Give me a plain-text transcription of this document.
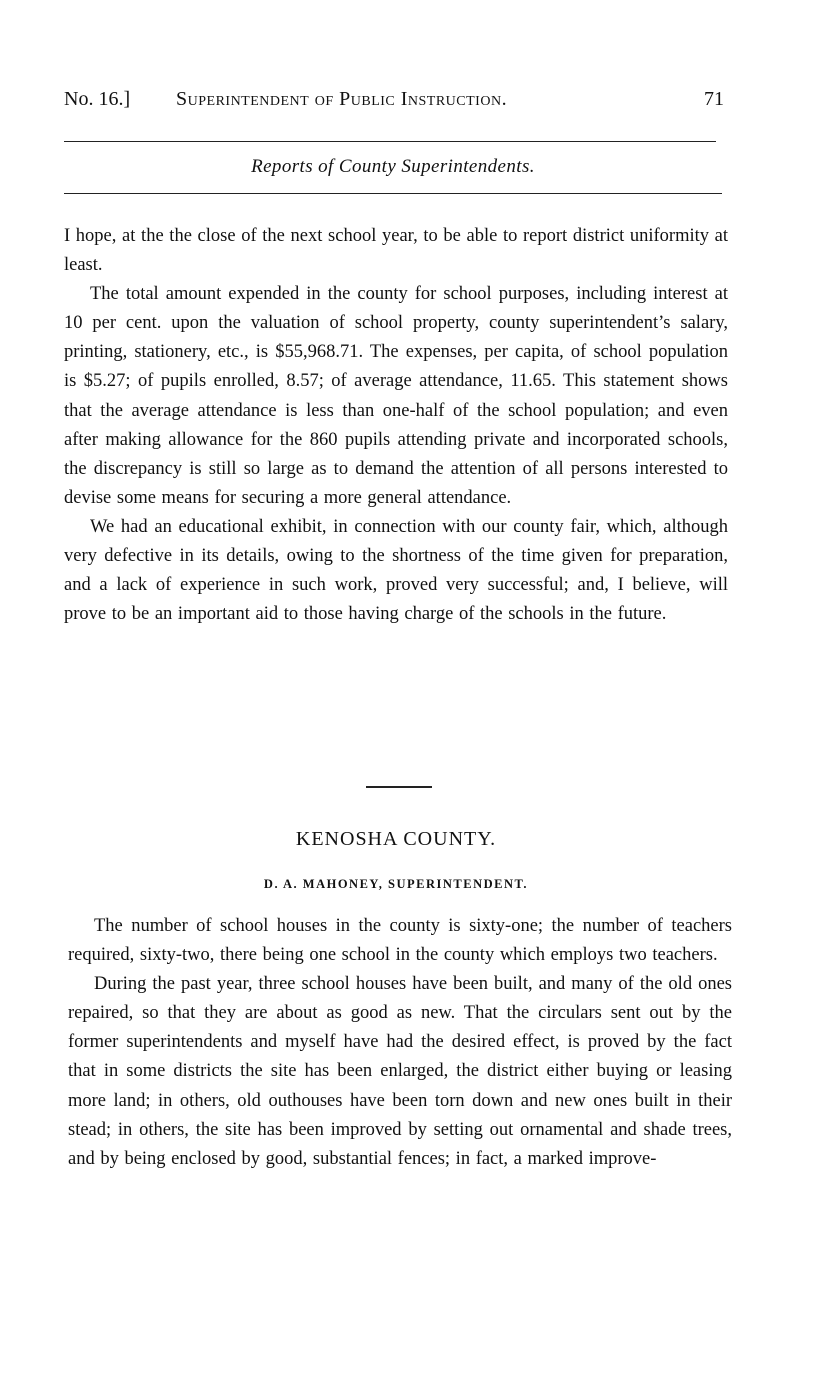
No. 16.] Superintendent of Public Instruction.	71
Reports of County Superintendents.

I hope, at the the close of the next school year, to be able to report district uniformity at least.

The total amount expended in the county for school purposes, including interest at 10 per cent. upon the valuation of school property, county superintendent’s salary, printing, stationery, etc., is $55,968.71. The expenses, per capita, of school population is $5.27; of pupils enrolled, 8.57; of average attendance, 11.65. This statement shows that the average attendance is less than one-half of the school population; and even after making allowance for the 860 pupils attending private and incorporated schools, the discrepancy is still so large as to demand the attention of all persons interested to devise some means for securing a more general attendance.

We had an educational exhibit, in connection with our county fair, which, although very defective in its details, owing to the shortness of the time given for preparation, and a lack of experience in such work, proved very successful; and, I believe, will prove to be an important aid to those having charge of the schools in the future.

KENOSHA COUNTY.
D. A. MAHONEY, SUPERINTENDENT.

The number of school houses in the county is sixty-one; the number of teachers required, sixty-two, there being one school in the county which employs two teachers.

During the past year, three school houses have been built, and many of the old ones repaired, so that they are about as good as new. That the circulars sent out by the former superintendents and myself have had the desired effect, is proved by the fact that in some districts the site has been enlarged, the district either buying or leasing more land; in others, old outhouses have been torn down and new ones built in their stead; in others, the site has been improved by setting out ornamental and shade trees, and by being enclosed by good, substantial fences; in fact, a marked improve-
